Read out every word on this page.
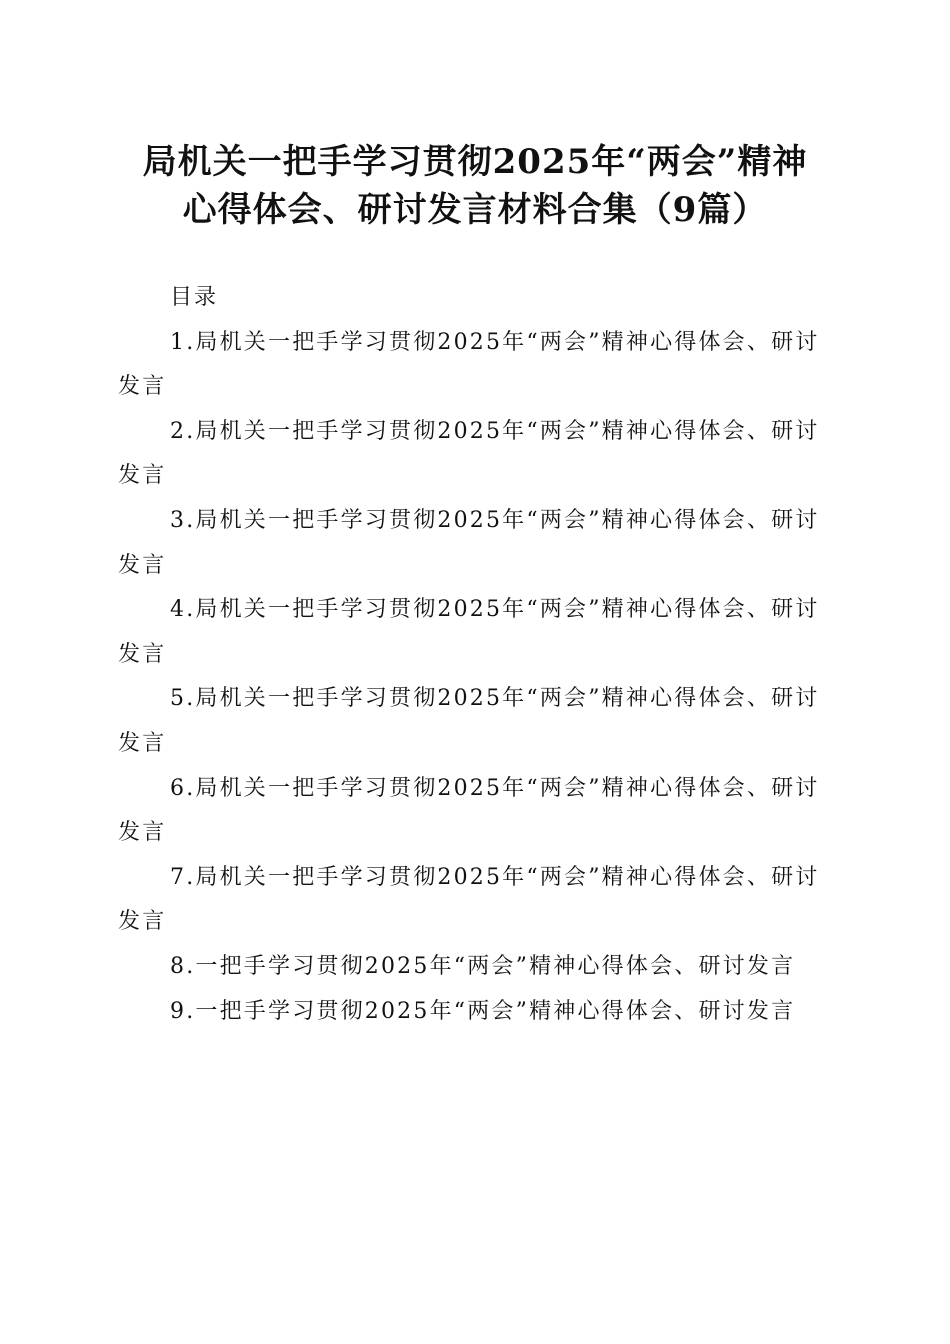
局机关一把手学习贯彻2025年“两会”精神
心得体会、研讨发言材料合集（9篇）

目录

1.局机关一把手学习贯彻2025年“两会”精神心得体会、研讨发言
2.局机关一把手学习贯彻2025年“两会”精神心得体会、研讨发言
3.局机关一把手学习贯彻2025年“两会”精神心得体会、研讨发言
4.局机关一把手学习贯彻2025年“两会”精神心得体会、研讨发言
5.局机关一把手学习贯彻2025年“两会”精神心得体会、研讨发言
6.局机关一把手学习贯彻2025年“两会”精神心得体会、研讨发言
7.局机关一把手学习贯彻2025年“两会”精神心得体会、研讨发言
8.一把手学习贯彻2025年“两会”精神心得体会、研讨发言
9.一把手学习贯彻2025年“两会”精神心得体会、研讨发言
